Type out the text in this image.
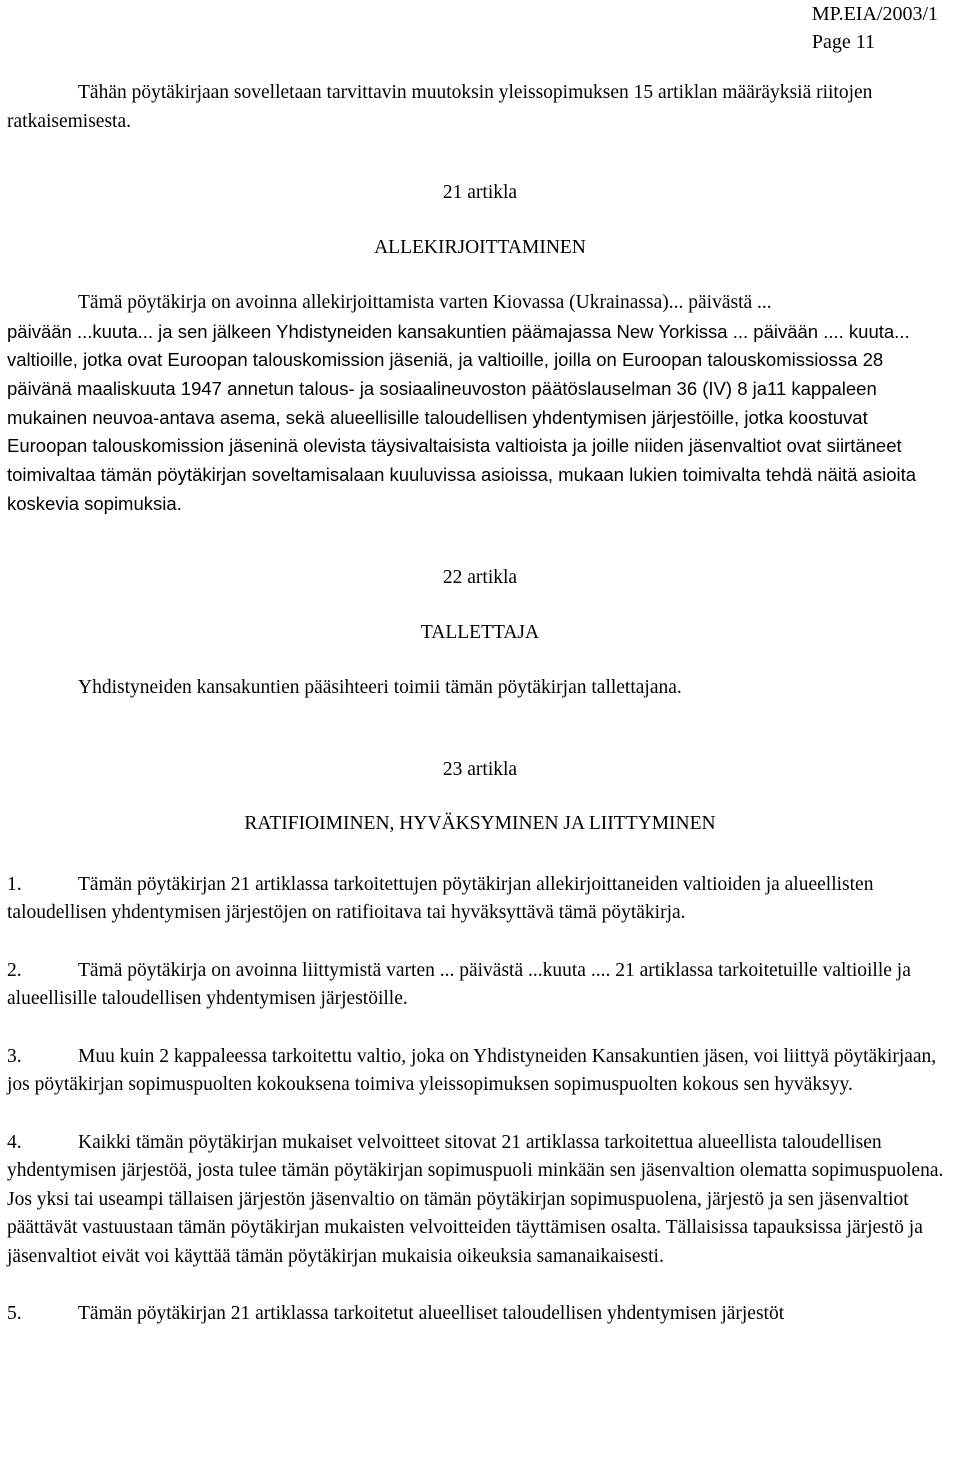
MP.EIA/2003/1
Page 11

Tähän pöytäkirjaan sovelletaan tarvittavin muutoksin yleissopimuksen 15 artiklan määräyksiä riitojen ratkaisemisesta.

21 artikla

ALLEKIRJOITTAMINEN

Tämä pöytäkirja on avoinna allekirjoittamista varten Kiovassa (Ukrainassa)... päivästä ...

päivään ...kuuta... ja sen jälkeen Yhdistyneiden kansakuntien päämajassa New Yorkissa ... päivään .... kuuta... valtioille, jotka ovat Euroopan talouskomission jäseniä, ja valtioille, joilla on Euroopan talouskomissiossa 28 päivänä maaliskuuta 1947 annetun talous- ja sosiaalineuvoston päätöslauselman 36 (IV) 8 ja11 kappaleen mukainen neuvoa-antava asema, sekä alueellisille taloudellisen yhdentymisen järjestöille, jotka koostuvat Euroopan talouskomission jäseninä olevista täysivaltaisista valtioista ja joille niiden jäsenvaltiot ovat siirtäneet toimivaltaa tämän pöytäkirjan soveltamisalaan kuuluvissa asioissa, mukaan lukien toimivalta tehdä näitä asioita koskevia sopimuksia.

22 artikla

TALLETTAJA

Yhdistyneiden kansakuntien pääsihteeri toimii tämän pöytäkirjan tallettajana.

23 artikla

RATIFIOIMINEN, HYVÄKSYMINEN JA LIITTYMINEN

1.	Tämän pöytäkirjan 21 artiklassa tarkoitettujen pöytäkirjan allekirjoittaneiden valtioiden ja alueellisten taloudellisen yhdentymisen järjestöjen on ratifioitava tai hyväksyttävä tämä pöytäkirja.

2.	Tämä pöytäkirja on avoinna liittymistä varten ... päivästä ...kuuta .... 21 artiklassa tarkoitetuille valtioille ja alueellisille taloudellisen yhdentymisen järjestöille.

3.	Muu kuin 2 kappaleessa tarkoitettu valtio, joka on Yhdistyneiden Kansakuntien jäsen, voi liittyä pöytäkirjaan, jos pöytäkirjan sopimuspuolten kokouksena toimiva yleissopimuksen sopimuspuolten kokous sen hyväksyy.

4.	Kaikki tämän pöytäkirjan mukaiset velvoitteet sitovat 21 artiklassa tarkoitettua alueellista taloudellisen yhdentymisen järjestöä, josta tulee tämän pöytäkirjan sopimuspuoli minkään sen jäsenvaltion olematta sopimuspuolena. Jos yksi tai useampi tällaisen järjestön jäsenvaltio on tämän pöytäkirjan sopimuspuolena, järjestö ja sen jäsenvaltiot päättävät vastuustaan tämän pöytäkirjan mukaisten velvoitteiden täyttämisen osalta. Tällaisissa tapauksissa järjestö ja jäsenvaltiot eivät voi käyttää tämän pöytäkirjan mukaisia oikeuksia samanaikaisesti.

5.	Tämän pöytäkirjan 21 artiklassa tarkoitetut alueelliset taloudellisen yhdentymisen järjestöt
